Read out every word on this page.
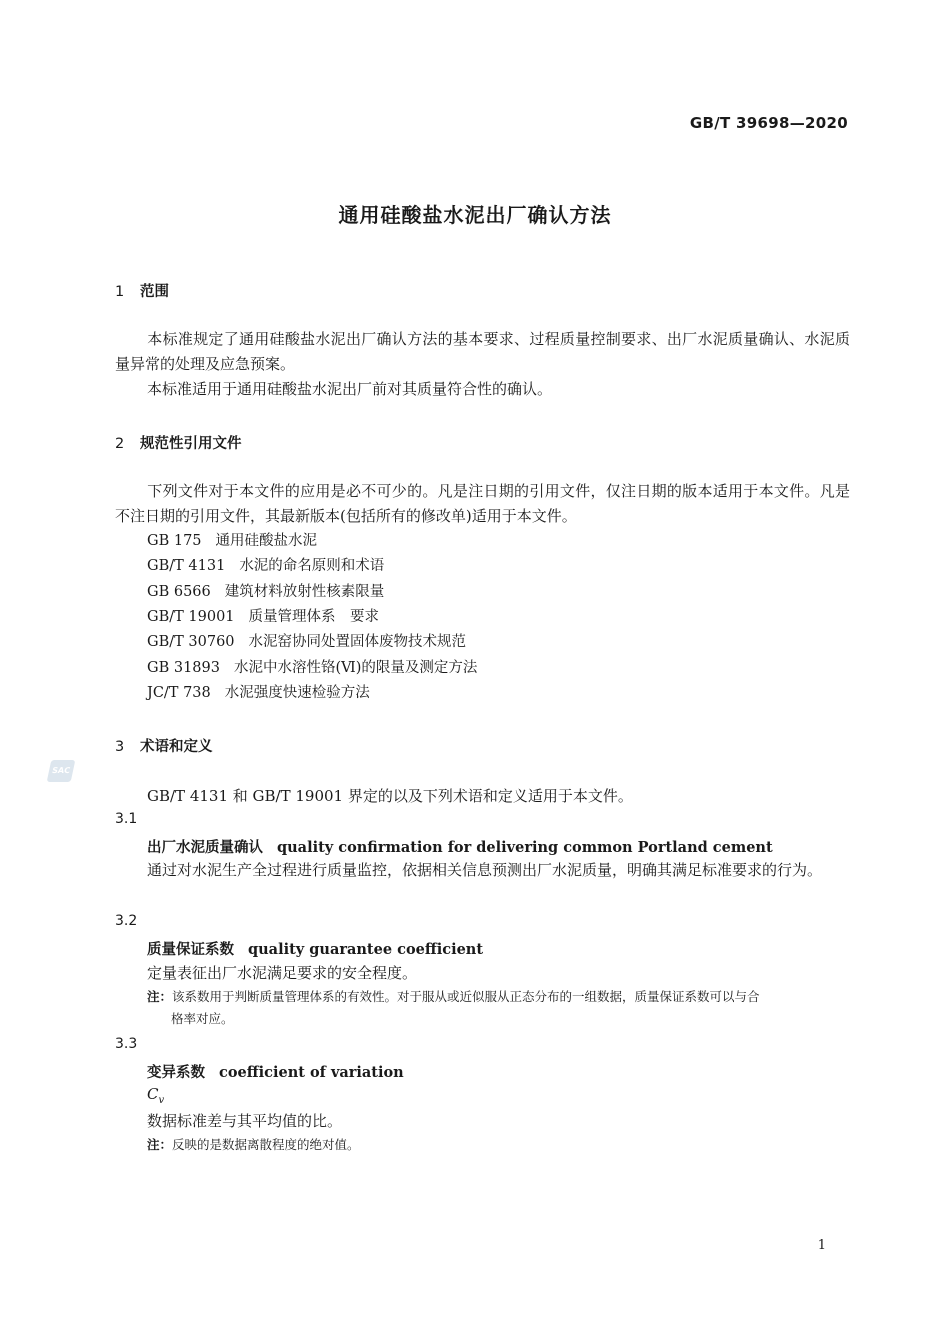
GB/T 39698—2020
通用硅酸盐水泥出厂确认方法
1 范围
本标准规定了通用硅酸盐水泥出厂确认方法的基本要求、过程质量控制要求、出厂水泥质量确认、水泥质量异常的处理及应急预案。
本标准适用于通用硅酸盐水泥出厂前对其质量符合性的确认。
2 规范性引用文件
下列文件对于本文件的应用是必不可少的。凡是注日期的引用文件，仅注日期的版本适用于本文件。凡是不注日期的引用文件，其最新版本(包括所有的修改单)适用于本文件。
GB 175 通用硅酸盐水泥
GB/T 4131 水泥的命名原则和术语
GB 6566 建筑材料放射性核素限量
GB/T 19001 质量管理体系　要求
GB/T 30760 水泥窑协同处置固体废物技术规范
GB 31893 水泥中水溶性铬(Ⅵ)的限量及测定方法
JC/T 738 水泥强度快速检验方法
3 术语和定义
SAC
GB/T 4131 和 GB/T 19001 界定的以及下列术语和定义适用于本文件。
3.1
出厂水泥质量确认 quality confirmation for delivering common Portland cement
通过对水泥生产全过程进行质量监控，依据相关信息预测出厂水泥质量，明确其满足标准要求的行为。
3.2
质量保证系数 quality guarantee coefficient
定量表征出厂水泥满足要求的安全程度。
注：该系数用于判断质量管理体系的有效性。对于服从或近似服从正态分布的一组数据，质量保证系数可以与合
格率对应。
3.3
变异系数 coefficient of variation
$C_v$
数据标准差与其平均值的比。
注：反映的是数据离散程度的绝对值。
1
